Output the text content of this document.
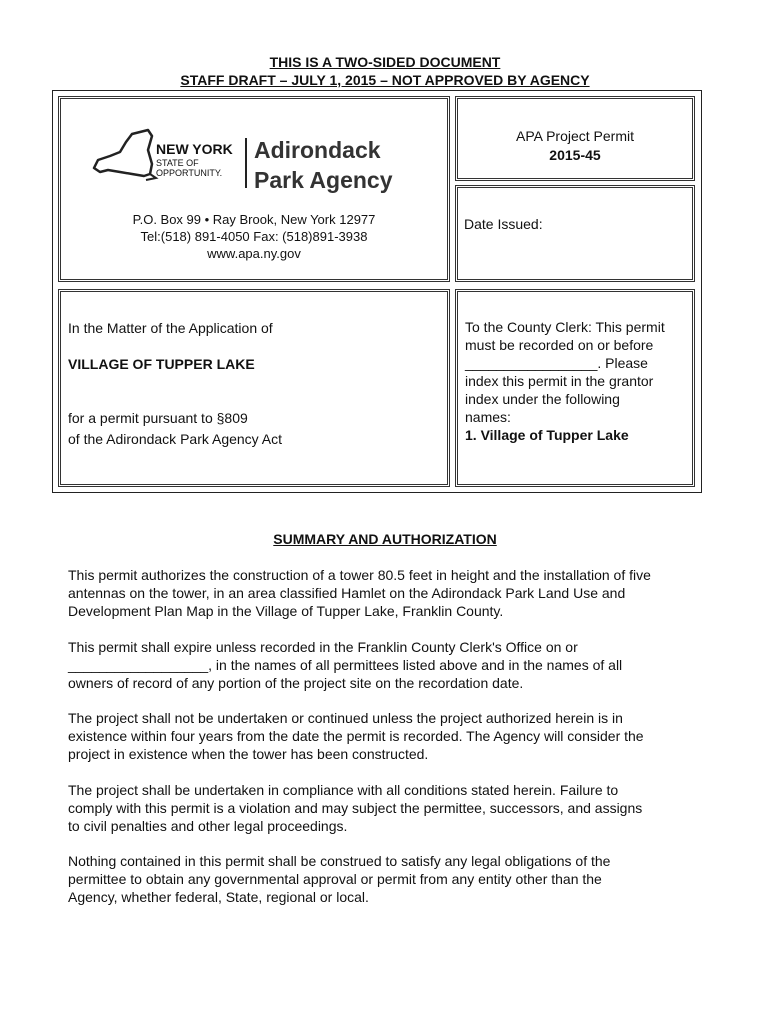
THIS IS A TWO-SIDED DOCUMENT
STAFF DRAFT – JULY 1, 2015 – NOT APPROVED BY AGENCY
NEW YORK
STATE OF
OPPORTUNITY.
Adirondack
Park Agency
P.O. Box 99 • Ray Brook, New York 12977
Tel:(518) 891-4050 Fax: (518)891-3938
www.apa.ny.gov
APA Project Permit
2015-45
Date Issued:
In the Matter of the Application of
VILLAGE OF TUPPER LAKE
for a permit pursuant to §809
of the Adirondack Park Agency Act
To the County Clerk: This permit
must be recorded on or before
_________________. Please
index this permit in the grantor
index under the following
names:
1. Village of Tupper Lake
SUMMARY AND AUTHORIZATION
This permit authorizes the construction of a tower 80.5 feet in height and the installation of five
antennas on the tower, in an area classified Hamlet on the Adirondack Park Land Use and
Development Plan Map in the Village of Tupper Lake, Franklin County.
This permit shall expire unless recorded in the Franklin County Clerk's Office on or
__________________, in the names of all permittees listed above and in the names of all
owners of record of any portion of the project site on the recordation date.
The project shall not be undertaken or continued unless the project authorized herein is in
existence within four years from the date the permit is recorded. The Agency will consider the
project in existence when the tower has been constructed.
The project shall be undertaken in compliance with all conditions stated herein. Failure to
comply with this permit is a violation and may subject the permittee, successors, and assigns
to civil penalties and other legal proceedings.
Nothing contained in this permit shall be construed to satisfy any legal obligations of the
permittee to obtain any governmental approval or permit from any entity other than the
Agency, whether federal, State, regional or local.
